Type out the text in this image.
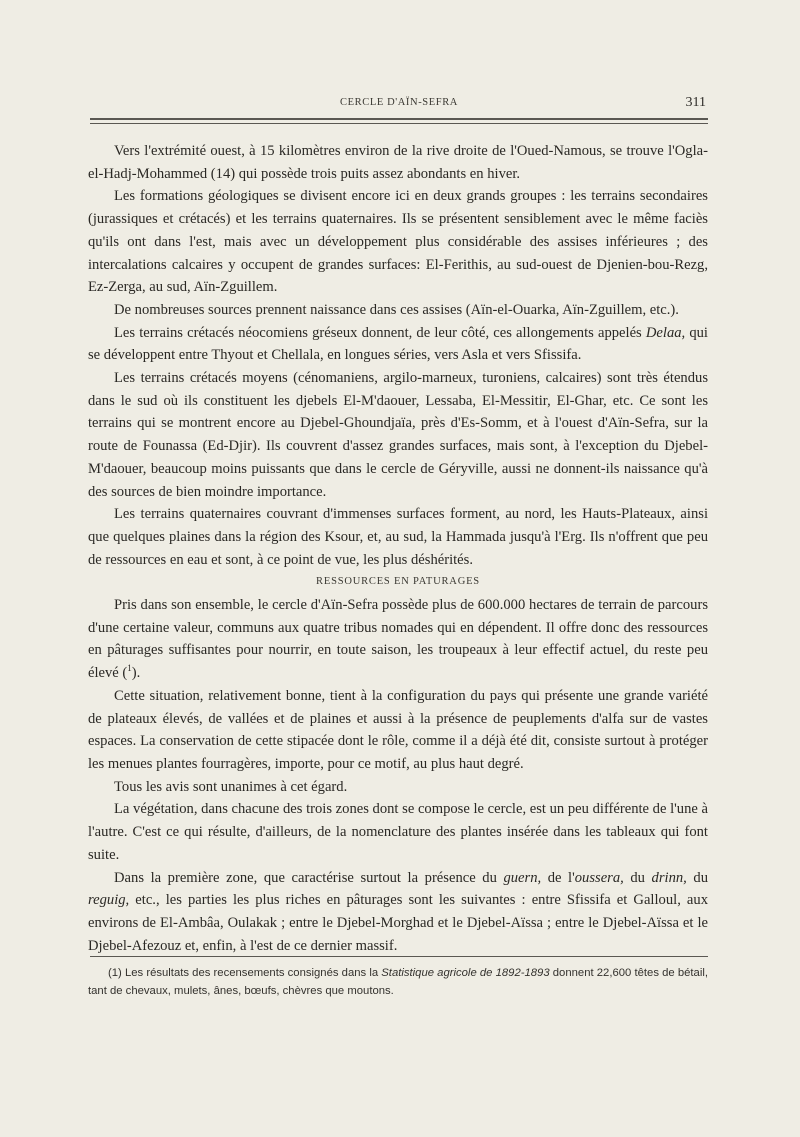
CERCLE D'AÏN-SEFRA	311

Vers l'extrémité ouest, à 15 kilomètres environ de la rive droite de l'Oued-Namous, se trouve l'Ogla-el-Hadj-Mohammed (14) qui possède trois puits assez abondants en hiver.

Les formations géologiques se divisent encore ici en deux grands groupes : les terrains secondaires (jurassiques et crétacés) et les terrains quaternaires. Ils se présentent sensiblement avec le même faciès qu'ils ont dans l'est, mais avec un développement plus considérable des assises inférieures ; des intercalations calcaires y occupent de grandes surfaces: El-Ferithis, au sud-ouest de Djenien-bou-Rezg, Ez-Zerga, au sud, Aïn-Zguillem.

De nombreuses sources prennent naissance dans ces assises (Aïn-el-Ouarka, Aïn-Zguillem, etc.).

Les terrains crétacés néocomiens gréseux donnent, de leur côté, ces allongements appelés Delaa, qui se développent entre Thyout et Chellala, en longues séries, vers Asla et vers Sfissifa.

Les terrains crétacés moyens (cénomaniens, argilo-marneux, turoniens, calcaires) sont très étendus dans le sud où ils constituent les djebels El-M'daouer, Lessaba, El-Messitir, El-Ghar, etc. Ce sont les terrains qui se montrent encore au Djebel-Ghoundjaïa, près d'Es-Somm, et à l'ouest d'Aïn-Sefra, sur la route de Founassa (Ed-Djir). Ils couvrent d'assez grandes surfaces, mais sont, à l'exception du Djebel-M'daouer, beaucoup moins puissants que dans le cercle de Géryville, aussi ne donnent-ils naissance qu'à des sources de bien moindre importance.

Les terrains quaternaires couvrant d'immenses surfaces forment, au nord, les Hauts-Plateaux, ainsi que quelques plaines dans la région des Ksour, et, au sud, la Hammada jusqu'à l'Erg. Ils n'offrent que peu de ressources en eau et sont, à ce point de vue, les plus déshérités.

RESSOURCES EN PATURAGES

Pris dans son ensemble, le cercle d'Aïn-Sefra possède plus de 600.000 hectares de terrain de parcours d'une certaine valeur, communs aux quatre tribus nomades qui en dépendent. Il offre donc des ressources en pâturages suffisantes pour nourrir, en toute saison, les troupeaux à leur effectif actuel, du reste peu élevé ($^1$).

Cette situation, relativement bonne, tient à la configuration du pays qui présente une grande variété de plateaux élevés, de vallées et de plaines et aussi à la présence de peuplements d'alfa sur de vastes espaces. La conservation de cette stipacée dont le rôle, comme il a déjà été dit, consiste surtout à protéger les menues plantes fourragères, importe, pour ce motif, au plus haut degré.

Tous les avis sont unanimes à cet égard.

La végétation, dans chacune des trois zones dont se compose le cercle, est un peu différente de l'une à l'autre. C'est ce qui résulte, d'ailleurs, de la nomenclature des plantes insérée dans les tableaux qui font suite.

Dans la première zone, que caractérise surtout la présence du guern, de l'oussera, du drinn, du reguig, etc., les parties les plus riches en pâturages sont les suivantes : entre Sfissifa et Galloul, aux environs de El-Ambâa, Oulakak ; entre le Djebel-Morghad et le Djebel-Aïssa ; entre le Djebel-Aïssa et le Djebel-Afezouz et, enfin, à l'est de ce dernier massif.

(1) Les résultats des recensements consignés dans la Statistique agricole de 1892-1893 donnent 22,600 têtes de bétail, tant de chevaux, mulets, ânes, bœufs, chèvres que moutons.
